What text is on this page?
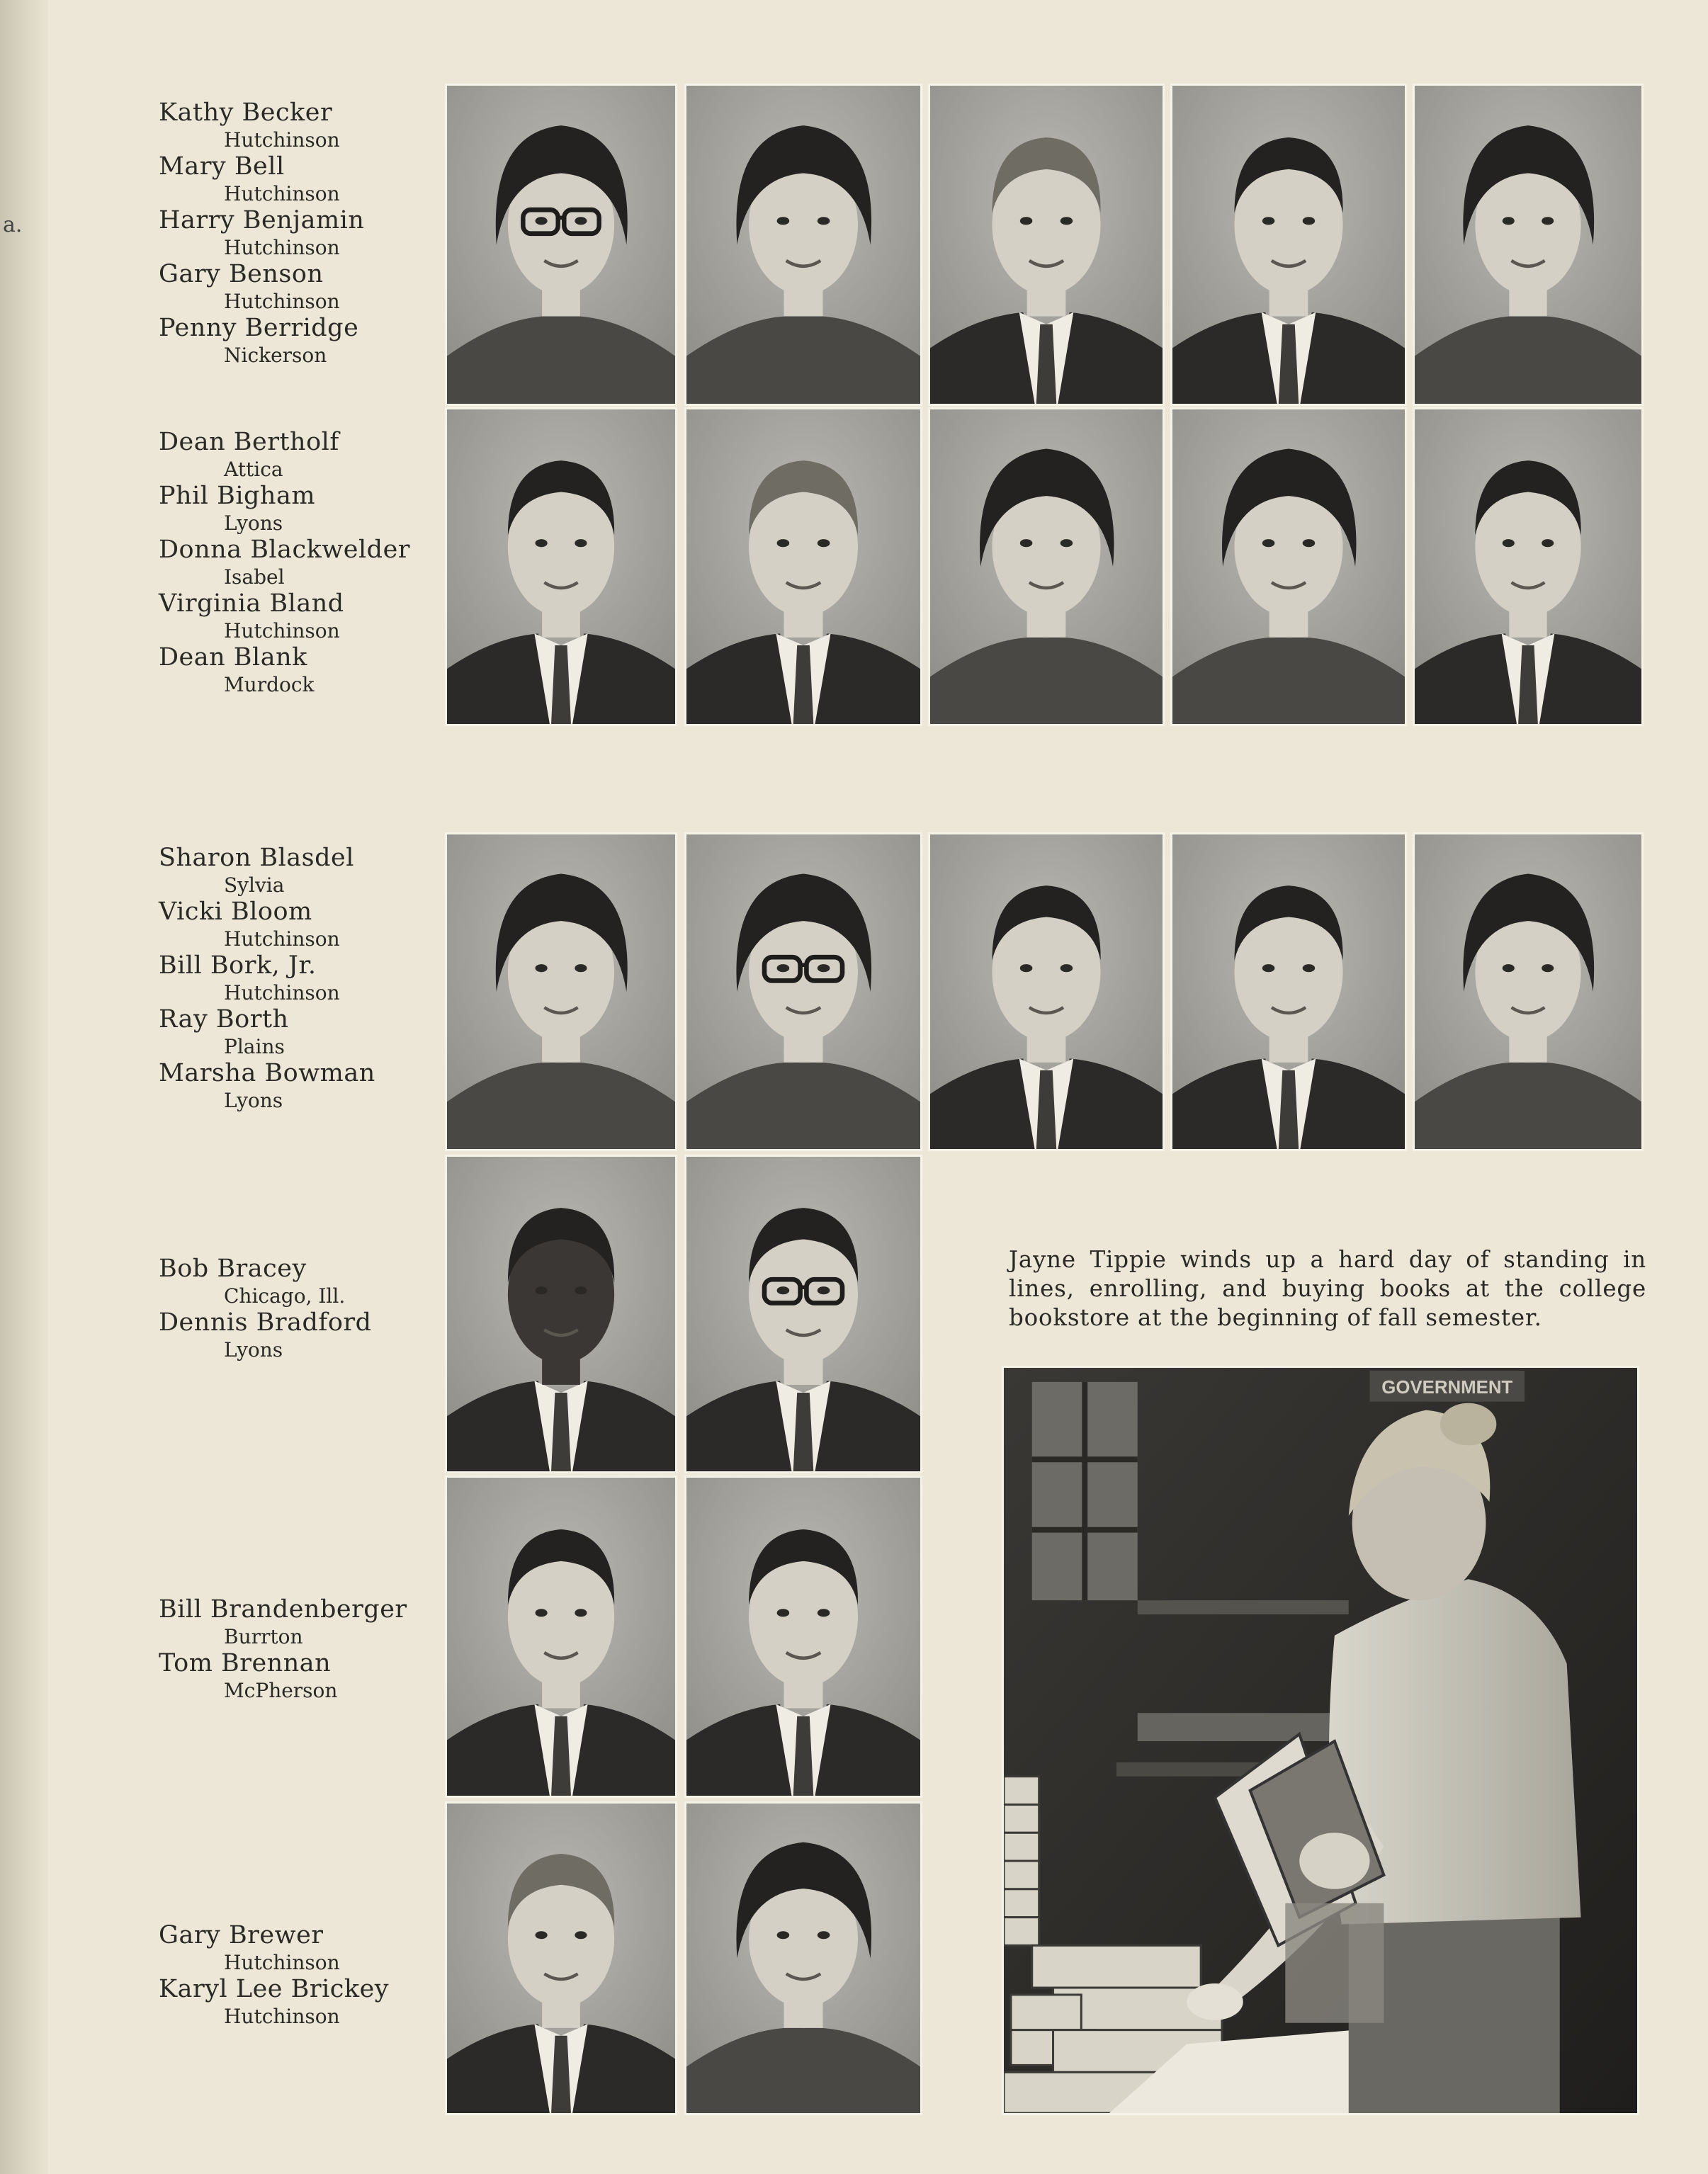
a.
Kathy Becker
Hutchinson
Mary Bell
Hutchinson
Harry Benjamin
Hutchinson
Gary Benson
Hutchinson
Penny Berridge
Nickerson
Dean Bertholf
Attica
Phil Bigham
Lyons
Donna Blackwelder
Isabel
Virginia Bland
Hutchinson
Dean Blank
Murdock
Sharon Blasdel
Sylvia
Vicki Bloom
Hutchinson
Bill Bork, Jr.
Hutchinson
Ray Borth
Plains
Marsha Bowman
Lyons
Bob Bracey
Chicago, Ill.
Dennis Bradford
Lyons
Bill Brandenberger
Burrton
Tom Brennan
McPherson
Gary Brewer
Hutchinson
Karyl Lee Brickey
Hutchinson
Jayne Tippie winds up a hard day of standing in lines, enrolling, and buying books at the college bookstore at the beginning of fall semester.
GOVERNMENT
